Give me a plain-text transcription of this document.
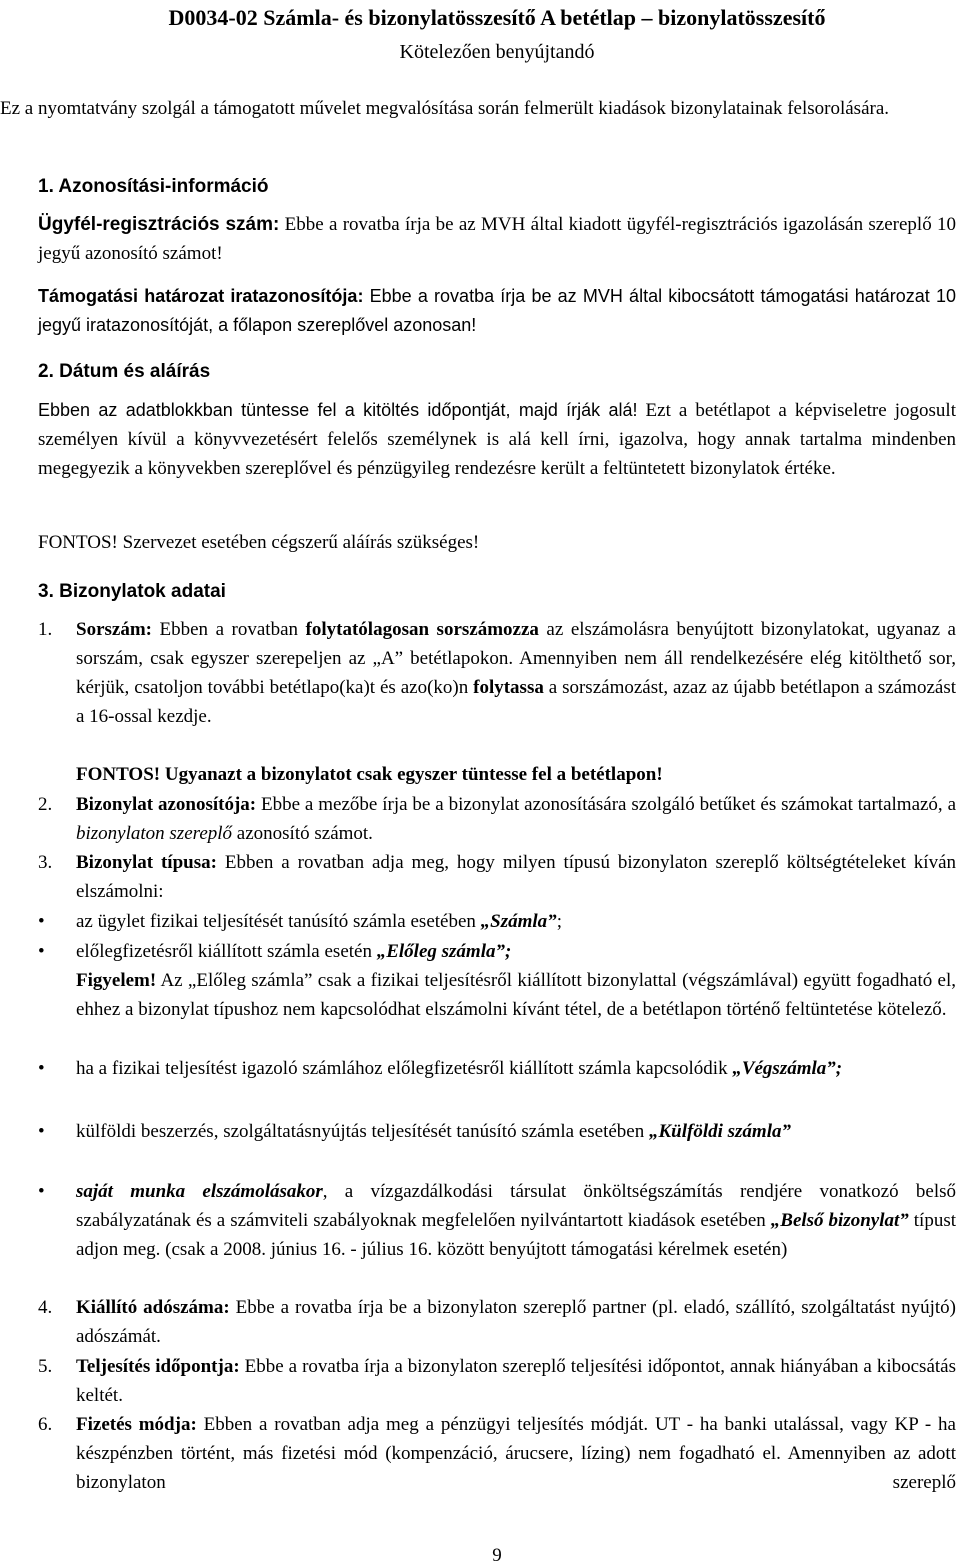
D0034-02 Számla- és bizonylatösszesítő A betétlap – bizonylatösszesítő
Kötelezően benyújtandó
Ez a nyomtatvány szolgál a támogatott művelet megvalósítása során felmerült kiadások bizonylatainak felsorolására.
1. Azonosítási-információ
Ügyfél-regisztrációs szám: Ebbe a rovatba írja be az MVH által kiadott ügyfél-regisztrációs igazolásán szereplő 10 jegyű azonosító számot!
Támogatási határozat iratazonosítója: Ebbe a rovatba írja be az MVH által kibocsátott támogatási határozat 10 jegyű iratazonosítóját, a főlapon szereplővel azonosan!
2. Dátum és aláírás
Ebben az adatblokkban tüntesse fel a kitöltés időpontját, majd írják alá! Ezt a betétlapot a képviseletre jogosult személyen kívül a könyvvezetésért felelős személynek is alá kell írni, igazolva, hogy annak tartalma mindenben megegyezik a könyvekben szereplővel és pénzügyileg rendezésre került a feltüntetett bizonylatok értéke.
FONTOS! Szervezet esetében cégszerű aláírás szükséges!
3. Bizonylatok adatai
1. Sorszám: Ebben a rovatban folytatólagosan sorszámozza az elszámolásra benyújtott bizonylatokat, ugyanaz a sorszám, csak egyszer szerepeljen az „A” betétlapokon. Amennyiben nem áll rendelkezésére elég kitölthető sor, kérjük, csatoljon további betétlapo(ka)t és azo(ko)n folytassa a sorszámozást, azaz az újabb betétlapon a számozást a 16-ossal kezdje.
FONTOS! Ugyanazt a bizonylatot csak egyszer tüntesse fel a betétlapon!
2. Bizonylat azonosítója: Ebbe a mezőbe írja be a bizonylat azonosítására szolgáló betűket és számokat tartalmazó, a bizonylaton szereplő azonosító számot.
3. Bizonylat típusa: Ebben a rovatban adja meg, hogy milyen típusú bizonylaton szereplő költségtételeket kíván elszámolni:
• az ügylet fizikai teljesítését tanúsító számla esetében „Számla”;
• előlegfizetésről kiállított számla esetén „Előleg számla”;
Figyelem! Az „Előleg számla” csak a fizikai teljesítésről kiállított bizonylattal (végszámlával) együtt fogadható el, ehhez a bizonylat típushoz nem kapcsolódhat elszámolni kívánt tétel, de a betétlapon történő feltüntetése kötelező.
• ha a fizikai teljesítést igazoló számlához előlegfizetésről kiállított számla kapcsolódik „Végszámla”;
• külföldi beszerzés, szolgáltatásnyújtás teljesítését tanúsító számla esetében „Külföldi számla”
• saját munka elszámolásakor, a vízgazdálkodási társulat önköltségszámítás rendjére vonatkozó belső szabályzatának és a számviteli szabályoknak megfelelően nyilvántartott kiadások esetében „Belső bizonylat” típust adjon meg. (csak a 2008. június 16. - július 16. között benyújtott támogatási kérelmek esetén)
4. Kiállító adószáma: Ebbe a rovatba írja be a bizonylaton szereplő partner (pl. eladó, szállító, szolgáltatást nyújtó) adószámát.
5. Teljesítés időpontja: Ebbe a rovatba írja a bizonylaton szereplő teljesítési időpontot, annak hiányában a kibocsátás keltét.
6. Fizetés módja: Ebben a rovatban adja meg a pénzügyi teljesítés módját. UT - ha banki utalással, vagy KP - ha készpénzben történt, más fizetési mód (kompenzáció, árucsere, lízing) nem fogadható el. Amennyiben az adott bizonylaton szereplő
9
